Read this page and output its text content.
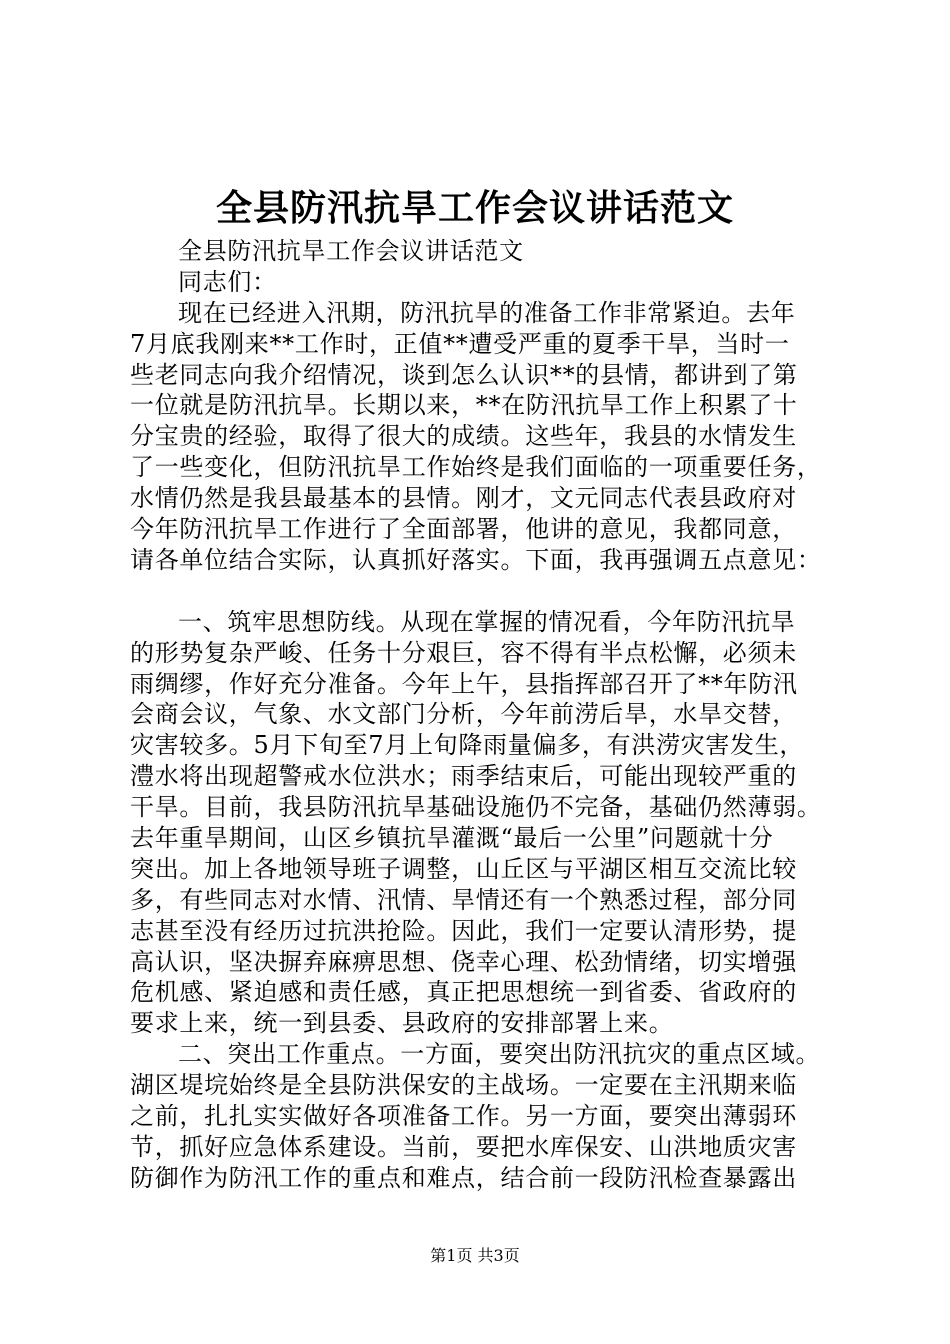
全县防汛抗旱工作会议讲话范文
全县防汛抗旱工作会议讲话范文
同志们：
现在已经进入汛期，防汛抗旱的准备工作非常紧迫。去年
7月底我刚来**工作时，正值**遭受严重的夏季干旱，当时一
些老同志向我介绍情况，谈到怎么认识**的县情，都讲到了第
一位就是防汛抗旱。长期以来，**在防汛抗旱工作上积累了十
分宝贵的经验，取得了很大的成绩。这些年，我县的水情发生
了一些变化，但防汛抗旱工作始终是我们面临的一项重要任务，
水情仍然是我县最基本的县情。刚才，文元同志代表县政府对
今年防汛抗旱工作进行了全面部署，他讲的意见，我都同意，
请各单位结合实际，认真抓好落实。下面，我再强调五点意见：
一、筑牢思想防线。从现在掌握的情况看，今年防汛抗旱
的形势复杂严峻、任务十分艰巨，容不得有半点松懈，必须未
雨绸缪，作好充分准备。今年上午，县指挥部召开了**年防汛
会商会议，气象、水文部门分析，今年前涝后旱，水旱交替，
灾害较多。5月下旬至7月上旬降雨量偏多，有洪涝灾害发生，
澧水将出现超警戒水位洪水；雨季结束后，可能出现较严重的
干旱。目前，我县防汛抗旱基础设施仍不完备，基础仍然薄弱。
去年重旱期间，山区乡镇抗旱灌溉“最后一公里”问题就十分
突出。加上各地领导班子调整，山丘区与平湖区相互交流比较
多，有些同志对水情、汛情、旱情还有一个熟悉过程，部分同
志甚至没有经历过抗洪抢险。因此，我们一定要认清形势，提
高认识，坚决摒弃麻痹思想、侥幸心理、松劲情绪，切实增强
危机感、紧迫感和责任感，真正把思想统一到省委、省政府的
要求上来，统一到县委、县政府的安排部署上来。
二、突出工作重点。一方面，要突出防汛抗灾的重点区域。
湖区堤垸始终是全县防洪保安的主战场。一定要在主汛期来临
之前，扎扎实实做好各项准备工作。另一方面，要突出薄弱环
节，抓好应急体系建设。当前，要把水库保安、山洪地质灾害
防御作为防汛工作的重点和难点，结合前一段防汛检查暴露出
第1页 共3页
